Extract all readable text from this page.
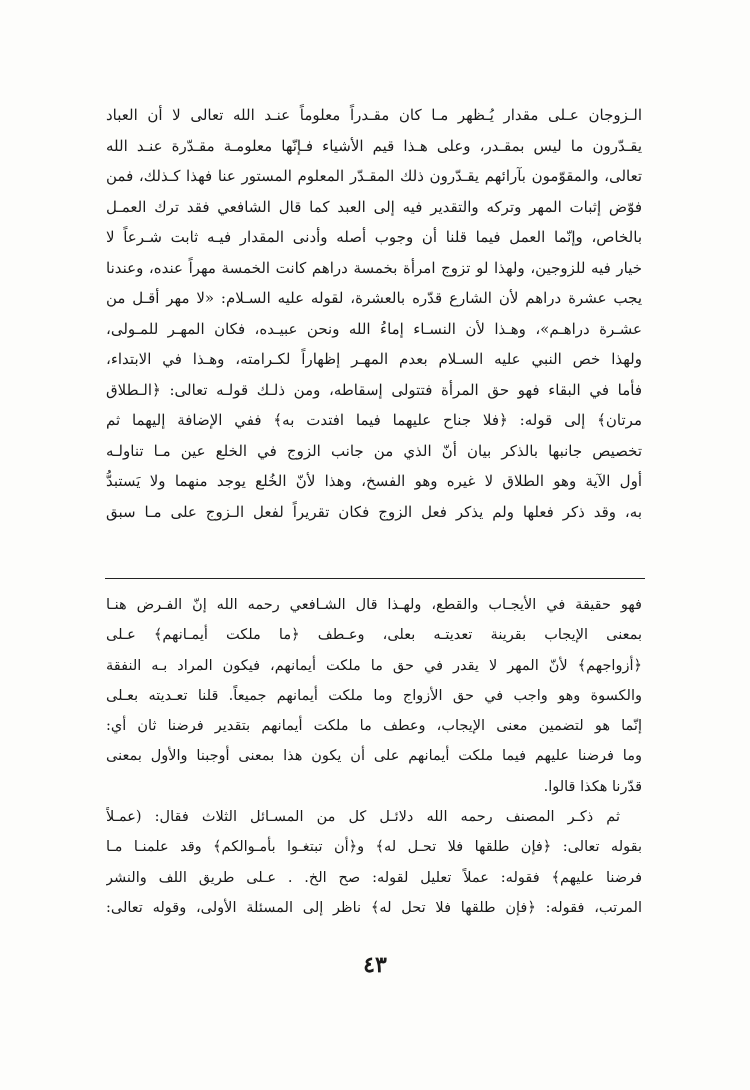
الـزوجان عـلى مقدار يُـظهر مـا كان مقـدراً معلوماً عنـد الله تعالى لا أن العباد
يقـدّرون ما ليس بمقـدر، وعلى هـذا قيم الأشياء فـإنّها معلومـة مقـدّرة عنـد الله
تعالى، والمقوّمون بآرائهم يقـدّرون ذلك المقـدّر المعلوم المستور عنا فهذا كـذلك، فمن
فوّض إثبات المهر وتركه والتقدير فيه إلى العبد كما قال الشافعي فقد ترك العمـل
بالخاص، وإنّما العمل فيما قلنا أن وجوب أصله وأدنى المقدار فيـه ثابت شـرعاً لا
خيار فيه للزوجين، ولهذا لو تزوج امرأة بخمسة دراهم كانت الخمسة مهراً عنده، وعندنا
يجب عشرة دراهم لأن الشارع قدّره بالعشرة، لقوله عليه السـلام: «لا مهر أقـل من
عشـرة دراهـم»، وهـذا لأن النسـاء إماءُ الله ونحن عبيـده، فكان المهـر للمـولى،
ولهذا خص النبي عليه السـلام بعدم المهـر إظهاراً لكـرامته، وهـذا في الابتداء،
فأما في البقاء فهو حق المرأة فتتولى إسقاطه، ومن ذلـك قولـه تعالى: ﴿الـطلاق
مرتان﴾ إلى قوله: ﴿فلا جناح عليهما فيما افتدت به﴾ ففي الإضافة إليهما ثم
تخصيص جانبها بالذكر بيان أنّ الذي من جانب الزوج في الخلع عين مـا تناولـه
أول الآية وهو الطلاق لا غيره وهو الفسخ، وهذا لأنّ الخُلع يوجد منهما ولا يَستبدُّ
به، وقد ذكر فعلها ولم يذكر فعل الزوج فكان تقريراً لفعل الـزوج على مـا سبق
فهو حقيقة في الأيجـاب والقطع، ولهـذا قال الشـافعي رحمه الله إنّ الفـرض هنـا
بمعنى الإيجاب بقرينة تعديتـه بعلى، وعـطف ﴿ما ملكت أيمـانهم﴾ عـلى
﴿أزواجهم﴾ لأنّ المهر لا يقدر في حق ما ملكت أيمانهم، فيكون المراد بـه النفقة
والكسوة وهو واجب في حق الأزواج وما ملكت أيمانهم جميعاً. قلنا تعـديته بعـلى
إنّما هو لتضمين معنى الإيجاب، وعطف ما ملكت أيمانهم بتقدير فرضنا ثان أي:
وما فرضنا عليهم فيما ملكت أيمانهم على أن يكون هذا بمعنى أوجبنا والأول بمعنى
قدّرنا هكذا قالوا.
ثم ذكـر المصنف رحمه الله دلائـل كل من المسـائل الثلاث فقال: (عمـلاً
بقوله تعالى: ﴿فإن طلقها فلا تحـل له﴾ و﴿أن تبتغـوا بأمـوالكم﴾ وقد علمنـا مـا
فرضنا عليهم﴾ فقوله: عملاً تعليل لقوله: صح الخ. . عـلى طريق اللف والنشر
المرتب، فقوله: ﴿فإن طلقها فلا تحل له﴾ ناظر إلى المسئلة الأولى، وقوله تعالى:
٤٣
